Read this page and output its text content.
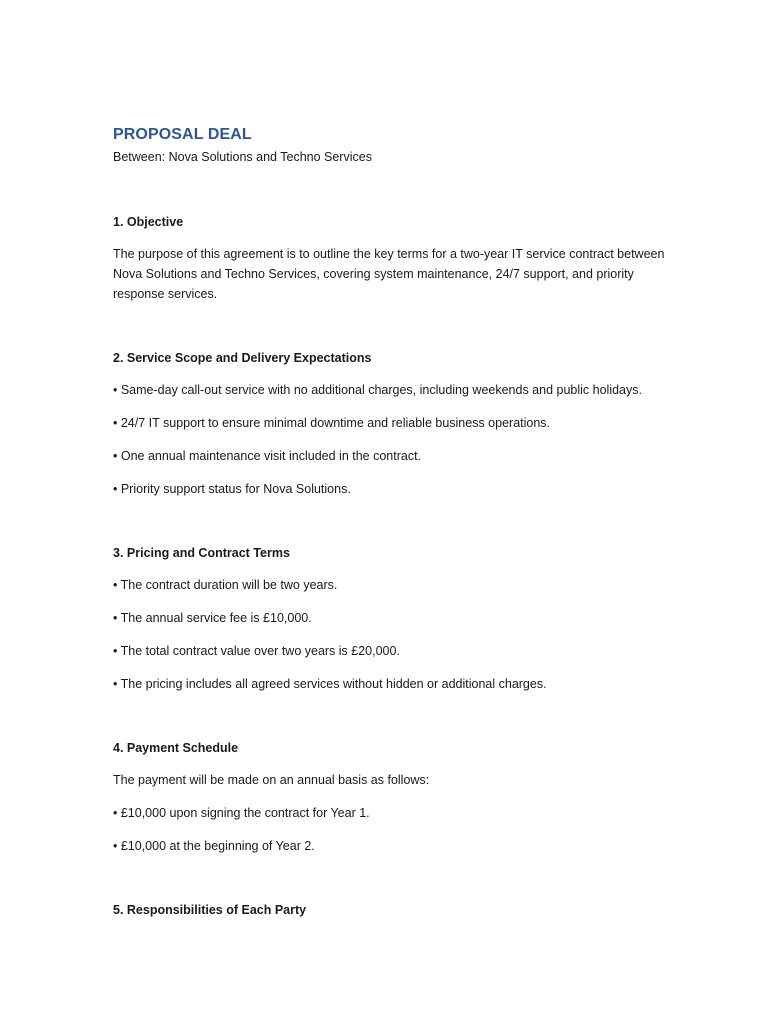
PROPOSAL DEAL

Between: Nova Solutions and Techno Services

1. Objective

The purpose of this agreement is to outline the key terms for a two-year IT service contract between Nova Solutions and Techno Services, covering system maintenance, 24/7 support, and priority response services.

2. Service Scope and Delivery Expectations

• Same-day call-out service with no additional charges, including weekends and public holidays.

• 24/7 IT support to ensure minimal downtime and reliable business operations.

• One annual maintenance visit included in the contract.

• Priority support status for Nova Solutions.

3. Pricing and Contract Terms

• The contract duration will be two years.

• The annual service fee is £10,000.

• The total contract value over two years is £20,000.

• The pricing includes all agreed services without hidden or additional charges.

4. Payment Schedule

The payment will be made on an annual basis as follows:

• £10,000 upon signing the contract for Year 1.

• £10,000 at the beginning of Year 2.

5. Responsibilities of Each Party
